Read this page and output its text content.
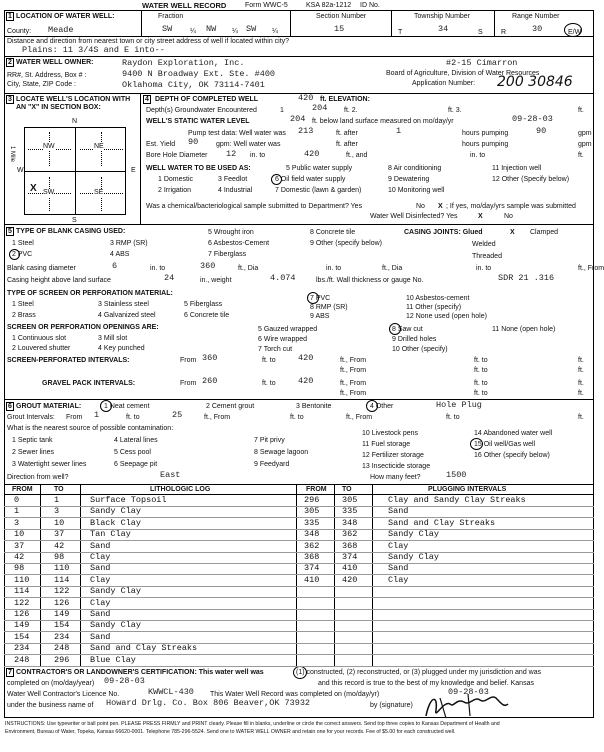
WATER WELL RECORD	Form WWC-5	KSA 82a-1212 ID No.
1 LOCATION OF WATER WELL:	Fraction
County: Meade	SW	¼ NW ¼ SW ¼
Section Number
15
Township Number
T	34	S
Range Number
R	30	E/W
Distance and direction from nearest town or city street address of well if located within city?
Plains: 11 3/4S and E into--
2 WATER WELL OWNER:
RR#, St. Address, Box # :
City, State, ZIP Code :
Raydon Exploration, Inc.
9400 N Broadway Ext. Ste. #400
Oklahoma City, OK 73114-7401
#2-15 Cimarron
Board of Agriculture, Division of Water Resources
Application Number: 200 30846
3 LOCATE WELL'S LOCATION WITH
AN "X" IN SECTION BOX:
N
S
E
W
NW	NE
SW	SE
1 Mile
X
4 DEPTH OF COMPLETED WELL	420 ft. ELEVATION:
Depth(s) Groundwater Encountered	1	204 ft. 2.	ft. 3.	ft.
WELL'S STATIC WATER LEVEL	204 ft. below land surface measured on mo/day/yr	09-28-03
Pump test data: Well water was 213	ft. after	1	hours pumping	90	gpm
Est. Yield 90	gpm: Well water was	ft. after	hours pumping	gpm
Bore Hole Diameter 12 in. to	420	ft., and	in. to	ft.
WELL WATER TO BE USED AS:	5 Public water supply	8 Air conditioning	11 Injection well
1 Domestic	3 Feedlot	6 Oil field water supply	9 Dewatering	12 Other (Specify below)
2 Irrigation	4 Industrial	7 Domestic (lawn & garden)	10 Monitoring well
Was a chemical/bacteriological sample submitted to Department? Yes	No X ; If yes, mo/day/yrs sample was submitted
Water Well Disinfected? Yes	X	No
5 TYPE OF BLANK CASING USED:
1 Steel	3 RMP (SR)
5 Wrought iron
6 Asbestos-Cement
7 Fiberglass
8 Concrete tile
9 Other (specify below)
2 PVC	4 ABS
CASING JOINTS: Glued	X Clamped
Welded
Threaded
Blank casing diameter	6	in. to	360	ft., Dia	in. to	ft., Dia	in. to	ft., From
Casing height above land surface	24	in., weight	4.074	lbs./ft. Wall thickness or gauge No.	SDR 21 .316
TYPE OF SCREEN OR PERFORATION MATERIAL:
1 Steel	3 Stainless steel	5 Fiberglass
7 PVC	10 Asbestos-cement
2 Brass	4 Galvanized steel	6 Concrete tile
8 RMP (SR)	11 Other (specify)
9 ABS	12 None used (open hole)
SCREEN OR PERFORATION OPENINGS ARE:
1 Continuous slot	3 Mill slot
5 Gauzed wrapped	8 Saw cut	11 None (open hole)
2 Louvered shutter	4 Key punched
6 Wire wrapped	9 Drilled holes
7 Torch cut	10 Other (specify)
SCREEN-PERFORATED INTERVALS:	From 360	ft. to	420	ft., From	ft. to	ft.
ft., From	ft. to	ft.
GRAVEL PACK INTERVALS:	From 260	ft. to	420	ft., From	ft. to	ft.
ft., From	ft. to	ft.
6 GROUT MATERIAL:	1 Neat cement	2 Cement grout	3 Bentonite	4 Other	Hole Plug
Grout Intervals: From 1	ft. to	25	ft., From	ft. to	ft., From	ft. to	ft.
What is the nearest source of possible contamination:
10 Livestock pens	14 Abandoned water well
1 Septic tank	4 Lateral lines	7 Pit privy
11 Fuel storage	15 Oil well/Gas well
2 Sewer lines	5 Cess pool	8 Sewage lagoon	12 Fertilizer storage	16 Other (specify below)
3 Watertight sewer lines	6 Seepage pit	9 Feedyard	13 Insecticide storage
Direction from well?	East	How many feet?	1500
FROM	TO	LITHOLOGIC LOG	FROM TO	PLUGGING INTERVALS
7 CONTRACTOR'S OR LANDOWNER'S CERTIFICATION: This water well was	(1) constructed, (2) reconstructed, or (3) plugged under my jurisdiction and was
completed on (mo/day/year) 09-28-03	and this record is true to the best of my knowledge and belief. Kansas
Water Well Contractor's Licence No.	KWWCL-430 This Water Well Record was completed on (mo/day/yr)	09-28-03
under the business name of Howard Drlg. Co. Box 806 Beaver,OK 73932	by (signature)
INSTRUCTIONS: Use typewriter or ball point pen. PLEASE PRESS FIRMLY and PRINT clearly. Please fill in blanks, underline or circle the correct answers. Send top three copies to Kansas Department of Health and
Environment, Bureau of Water, Topeka, Kansas 66620-0001. Telephone 785-296-5524. Send one to WATER WELL OWNER and retain one for your records. Fee of $5.00 for each constructed well.
0	1	Surface Topsoil
1	3	Sandy Clay
3	10	Black Clay
10	37	Tan Clay
37	42	Sand
42	98	Clay
98	110 Sand
110	114 Clay
114	122 Sandy Clay
122	126 Clay
126	149 Sand
149	154 Sandy Clay
154	234 Sand
234	248 Sand and Clay Streaks
248	296 Blue Clay
296	305	Clay and Sandy Clay Streaks
305	335	Sand
335	348	Sand and Clay Streaks
348	362	Sandy Clay
362	368	Clay
368	374	Sandy Clay
374	410	Sand
410	420	Clay
